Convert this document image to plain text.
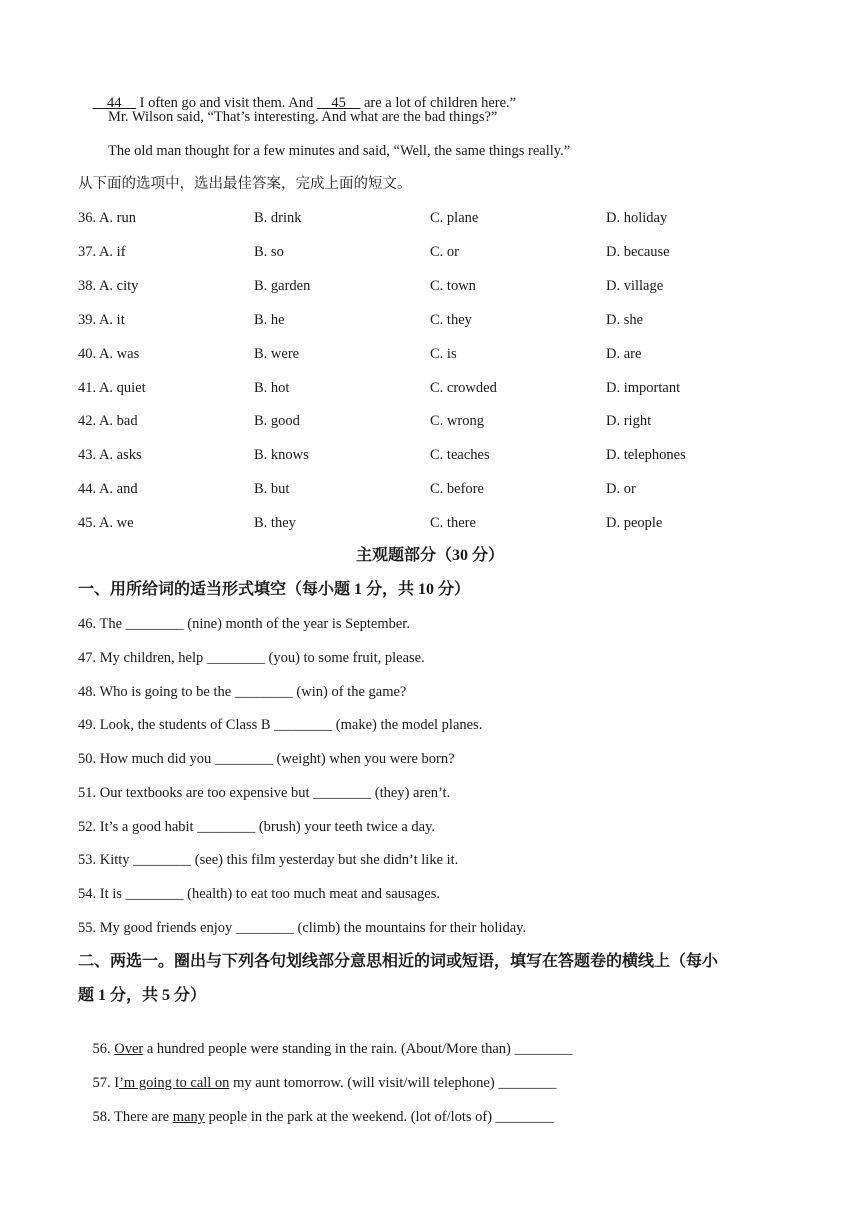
44     I often go and visit them. And     45     are a lot of children here.”

Mr. Wilson said, “That’s interesting. And what are the bad things?”
The old man thought for a few minutes and said, “Well, the same things really.”
从下面的选项中，选出最佳答案，完成上面的短文。
36. A. run	B. drink	C. plane	D. holiday
37. A. if	B. so	C. or	D. because
38. A. city	B. garden	C. town	D. village
39. A. it	B. he	C. they	D. she
40. A. was	B. were	C. is	D. are
41. A. quiet	B. hot	C. crowded	D. important
42. A. bad	B. good	C. wrong	D. right
43. A. asks	B. knows	C. teaches	D. telephones
44. A. and	B. but	C. before	D. or
45. A. we	B. they	C. there	D. people
主观题部分（30 分）
一、用所给词的适当形式填空（每小题 1 分，共 10 分）
46. The ________ (nine) month of the year is September.
47. My children, help ________ (you) to some fruit, please.
48. Who is going to be the ________ (win) of the game?
49. Look, the students of Class B ________ (make) the model planes.
50. How much did you ________ (weight) when you were born?
51. Our textbooks are too expensive but ________ (they) aren’t.
52. It’s a good habit ________ (brush) your teeth twice a day.
53. Kitty ________ (see) this film yesterday but she didn’t like it.
54. It is ________ (health) to eat too much meat and sausages.
55. My good friends enjoy ________ (climb) the mountains for their holiday.
二、两选一。圈出与下列各句划线部分意思相近的词或短语，填写在答题卷的横线上（每小
题 1 分，共 5 分）

56. Over a hundred people were standing in the rain. (About/More than) ________

57. I’m going to call on my aunt tomorrow. (will visit/will telephone) ________

58. There are many people in the park at the weekend. (lot of/lots of) ________
